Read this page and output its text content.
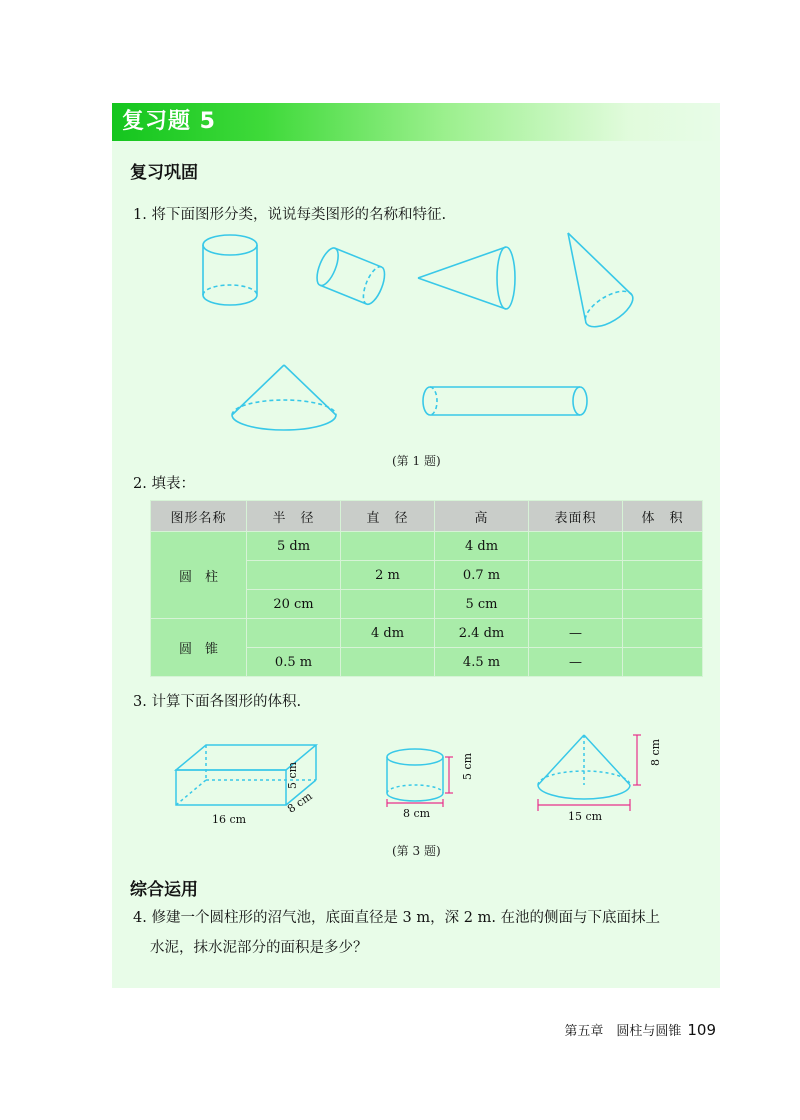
复习题 5
复习巩固
1. 将下面图形分类，说说每类图形的名称和特征.
(第 1 题)
2. 填表：
图形名称	半　径	直　径	高	表面积	体　积
圆　柱	5 dm		4 dm		
		2 m	0.7 m		
	20 cm		5 cm		
圆　锥		4 dm	2.4 dm	—	
	0.5 m		4.5 m	—	
3. 计算下面各图形的体积.
16 cm
8 cm
5 cm
8 cm
5 cm
15 cm
8 cm
(第 3 题)
综合运用
4. 修建一个圆柱形的沼气池，底面直径是 3 m，深 2 m. 在池的侧面与下底面抹上
水泥，抹水泥部分的面积是多少？
第五章　圆柱与圆锥 109
